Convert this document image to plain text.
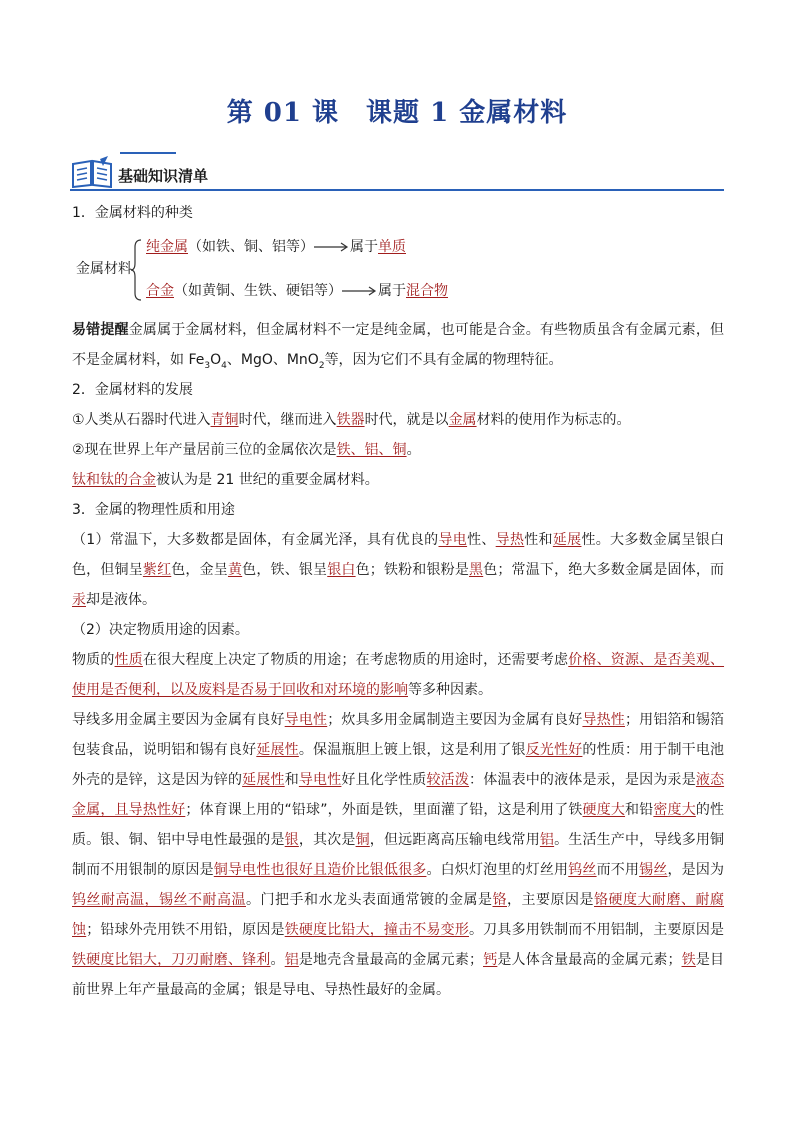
第 01 课　课题 1 金属材料
基础知识清单

1．金属材料的种类

金属材料
纯金属（如铁、铜、铝等）	属于单质
合金（如黄铜、生铁、硬铝等）	属于混合物

易错提醒金属属于金属材料，但金属材料不一定是纯金属，也可能是合金。有些物质虽含有金属元素，但不是金属材料，如 $Fe_3O_4$、MgO、MnO$_2$等，因为它们不具有金属的物理特征。

2．金属材料的发展

①人类从石器时代进入青铜时代，继而进入铁器时代，就是以金属材料的使用作为标志的。

②现在世界上年产量居前三位的金属依次是铁、铝、铜。

钛和钛的合金被认为是 21 世纪的重要金属材料。

3．金属的物理性质和用途

（1）常温下，大多数都是固体，有金属光泽，具有优良的导电性、导热性和延展性。大多数金属呈银白色，但铜呈紫红色，金呈黄色，铁、银呈银白色；铁粉和银粉是黑色；常温下，绝大多数金属是固体，而汞却是液体。

（2）决定物质用途的因素。

物质的性质在很大程度上决定了物质的用途；在考虑物质的用途时，还需要考虑价格、资源、是否美观、使用是否便利，以及废料是否易于回收和对环境的影响等多种因素。

导线多用金属主要因为金属有良好导电性；炊具多用金属制造主要因为金属有良好导热性；用铝箔和锡箔包装食品，说明铝和锡有良好延展性。保温瓶胆上镀上银，这是利用了银反光性好的性质：用于制干电池外壳的是锌，这是因为锌的延展性和导电性好且化学性质较活泼：体温表中的液体是汞，是因为汞是液态金属，且导热性好；体育课上用的“铅球”，外面是铁，里面灌了铅，这是利用了铁硬度大和铅密度大的性质。银、铜、铝中导电性最强的是银，其次是铜，但远距离高压输电线常用铝。生活生产中，导线多用铜制而不用银制的原因是铜导电性也很好且造价比银低很多。白炽灯泡里的灯丝用钨丝而不用锡丝，是因为钨丝耐高温，锡丝不耐高温。门把手和水龙头表面通常镀的金属是铬，主要原因是铬硬度大耐磨、耐腐蚀；铅球外壳用铁不用铅，原因是铁硬度比铅大，撞击不易变形。刀具多用铁制而不用铝制，主要原因是铁硬度比铝大，刀刃耐磨、锋利。铝是地壳含量最高的金属元素；钙是人体含量最高的金属元素；铁是目前世界上年产量最高的金属；银是导电、导热性最好的金属。
